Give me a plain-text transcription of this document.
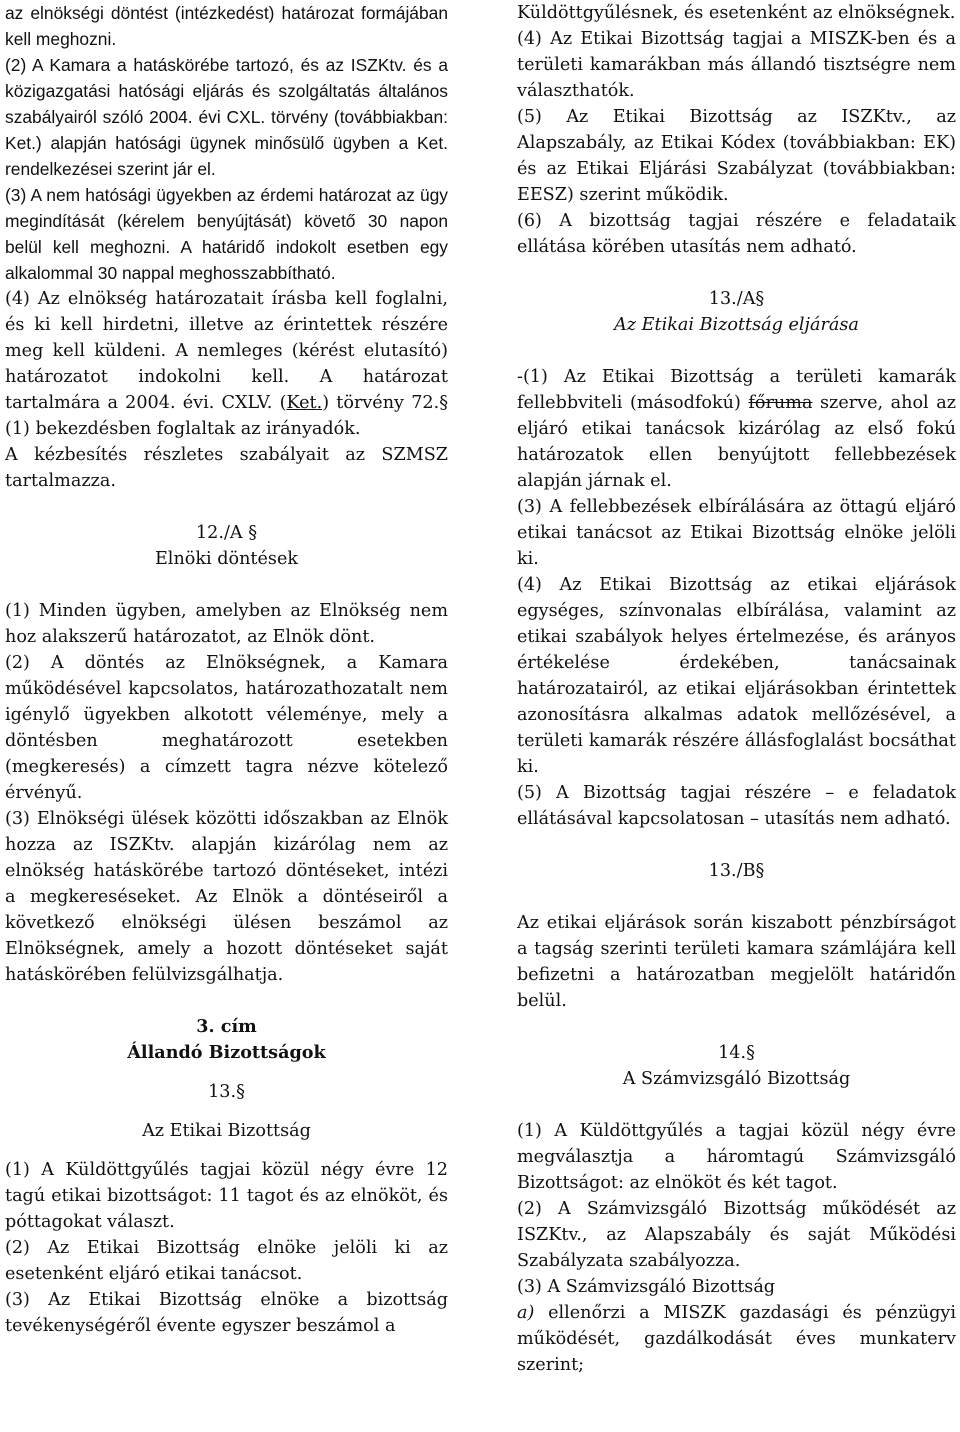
az elnökségi döntést (intézkedést) határozat formájában kell meghozni.

(2) A Kamara a hatáskörébe tartozó, és az ISZKtv. és a közigazgatási hatósági eljárás és szolgáltatás általános szabályairól szóló 2004. évi CXL. törvény (továbbiakban: Ket.) alapján hatósági ügynek minősülő ügyben a Ket. rendelkezései szerint jár el.

(3) A nem hatósági ügyekben az érdemi határozat az ügy megindítását (kérelem benyújtását) követő 30 napon belül kell meghozni. A határidő indokolt esetben egy alkalommal 30 nappal meghosszabbítható.

(4) Az elnökség határozatait írásba kell foglalni, és ki kell hirdetni, illetve az érintettek részére meg kell küldeni. A nemleges (kérést elutasító) határozatot indokolni kell. A határozat tartalmára a 2004. évi. CXLV. (Ket.) törvény 72.§ (1) bekezdésben foglaltak az irányadók.

A kézbesítés részletes szabályait az SZMSZ tartalmazza.

12./A §

Elnöki döntések

(1) Minden ügyben, amelyben az Elnökség nem hoz alakszerű határozatot, az Elnök dönt.

(2) A döntés az Elnökségnek, a Kamara működésével kapcsolatos, határozathozatalt nem igénylő ügyekben alkotott véleménye, mely a döntésben meghatározott esetekben (megkeresés) a címzett tagra nézve kötelező érvényű.

(3) Elnökségi ülések közötti időszakban az Elnök hozza az ISZKtv. alapján kizárólag nem az elnökség hatáskörébe tartozó döntéseket, intézi a megkereséseket. Az Elnök a döntéseiről a következő elnökségi ülésen beszámol az Elnökségnek, amely a hozott döntéseket saját hatáskörében felülvizsgálhatja.

3. cím

Állandó Bizottságok

13.§

Az Etikai Bizottság

(1) A Küldöttgyűlés tagjai közül négy évre 12 tagú etikai bizottságot: 11 tagot és az elnököt, és póttagokat választ.

(2) Az Etikai Bizottság elnöke jelöli ki az esetenként eljáró etikai tanácsot.

(3) Az Etikai Bizottság elnöke a bizottság tevékenységéről évente egyszer beszámol a

Küldöttgyűlésnek, és esetenként az elnökségnek.

(4) Az Etikai Bizottság tagjai a MISZK-ben és a területi kamarákban más állandó tisztségre nem választhatók.

(5) Az Etikai Bizottság az ISZKtv., az Alapszabály, az Etikai Kódex (továbbiakban: EK) és az Etikai Eljárási Szabályzat (továbbiakban: EESZ) szerint működik.

(6) A bizottság tagjai részére e feladataik ellátása körében utasítás nem adható.

13./A§

Az Etikai Bizottság eljárása

-(1) Az Etikai Bizottság a területi kamarák fellebbviteli (másodfokú) főruma szerve, ahol az eljáró etikai tanácsok kizárólag az első fokú határozatok ellen benyújtott fellebbezések alapján járnak el.

(3) A fellebbezések elbírálására az öttagú eljáró etikai tanácsot az Etikai Bizottság elnöke jelöli ki.

(4) Az Etikai Bizottság az etikai eljárások egységes, színvonalas elbírálása, valamint az etikai szabályok helyes értelmezése, és arányos értékelése érdekében, tanácsainak határozatairól, az etikai eljárásokban érintettek azonosításra alkalmas adatok mellőzésével, a területi kamarák részére állásfoglalást bocsáthat ki.

(5) A Bizottság tagjai részére – e feladatok ellátásával kapcsolatosan – utasítás nem adható.

13./B§

Az etikai eljárások során kiszabott pénzbírságot a tagság szerinti területi kamara számlájára kell befizetni a határozatban megjelölt határidőn belül.

14.§

A Számvizsgáló Bizottság

(1) A Küldöttgyűlés a tagjai közül négy évre megválasztja a háromtagú Számvizsgáló Bizottságot: az elnököt és két tagot.

(2) A Számvizsgáló Bizottság működését az ISZKtv., az Alapszabály és saját Működési Szabályzata szabályozza.

(3) A Számvizsgáló Bizottság

a) ellenőrzi a MISZK gazdasági és pénzügyi működését, gazdálkodását éves munkaterv szerint;
